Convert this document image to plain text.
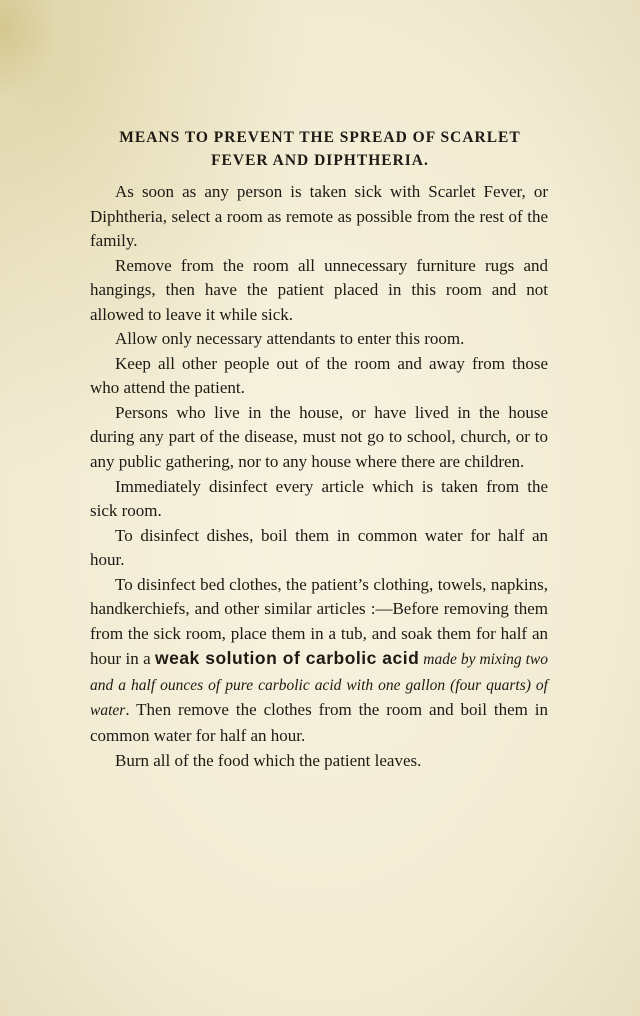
MEANS TO PREVENT THE SPREAD OF SCARLET
FEVER AND DIPHTHERIA.

As soon as any person is taken sick with Scarlet Fever, or Diphtheria, select a room as remote as possible from the rest of the family.

Remove from the room all unnecessary furniture rugs and hangings, then have the patient placed in this room and not allowed to leave it while sick.

Allow only necessary attendants to enter this room.

Keep all other people out of the room and away from those who attend the patient.

Persons who live in the house, or have lived in the house during any part of the disease, must not go to school, church, or to any public gathering, nor to any house where there are children.

Immediately disinfect every article which is taken from the sick room.

To disinfect dishes, boil them in common water for half an hour.

To disinfect bed clothes, the patient’s clothing, towels, napkins, handkerchiefs, and other similar articles :—Before removing them from the sick room, place them in a tub, and soak them for half an hour in a weak solution of carbolic acid made by mixing two and a half ounces of pure carbolic acid with one gallon (four quarts) of water. Then remove the clothes from the room and boil them in common water for half an hour.

Burn all of the food which the patient leaves.
